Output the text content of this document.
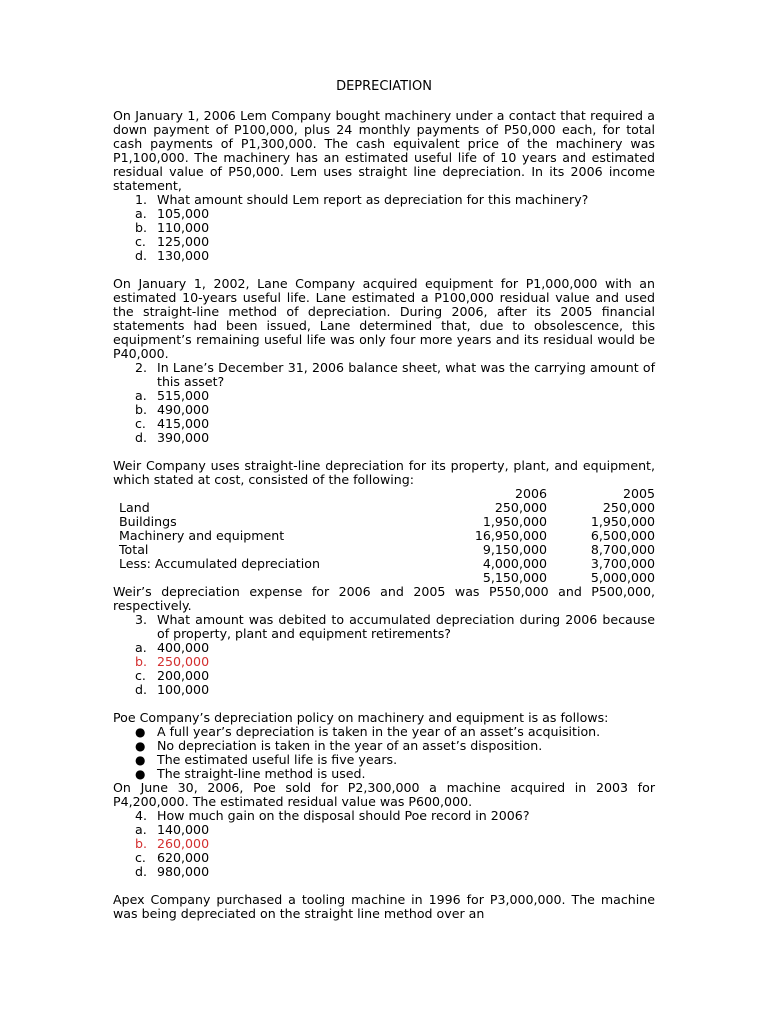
DEPRECIATION

On January 1, 2006 Lem Company bought machinery under a contact that required a down payment of P100,000, plus 24 monthly payments of P50,000 each, for total cash payments of P1,300,000. The cash equivalent price of the machinery was P1,100,000. The machinery has an estimated useful life of 10 years and estimated residual value of P50,000. Lem uses straight line depreciation. In its 2006 income statement,

1. What amount should Lem report as depreciation for this machinery?
a. 105,000
b. 110,000
c. 125,000
d. 130,000

On January 1, 2002, Lane Company acquired equipment for P1,000,000 with an estimated 10-years useful life. Lane estimated a P100,000 residual value and used the straight-line method of depreciation. During 2006, after its 2005 financial statements had been issued, Lane determined that, due to obsolescence, this equipment’s remaining useful life was only four more years and its residual would be P40,000.

2. In Lane’s December 31, 2006 balance sheet, what was the carrying amount of this asset?
a. 515,000
b. 490,000
c. 415,000
d. 390,000

Weir Company uses straight-line depreciation for its property, plant, and equipment, which stated at cost, consisted of the following:

	2006	2005
Land	250,000	250,000
Buildings	1,950,000	1,950,000
Machinery and equipment	16,950,000	6,500,000
Total	9,150,000	8,700,000
Less: Accumulated depreciation	4,000,000	3,700,000
	5,150,000	5,000,000

Weir’s depreciation expense for 2006 and 2005 was P550,000 and P500,000, respectively.

3. What amount was debited to accumulated depreciation during 2006 because of property, plant and equipment retirements?
a. 400,000
b. 250,000
c. 200,000
d. 100,000

Poe Company’s depreciation policy on machinery and equipment is as follows:

● A full year’s depreciation is taken in the year of an asset’s acquisition.
● No depreciation is taken in the year of an asset’s disposition.
● The estimated useful life is five years.
● The straight-line method is used.

On June 30, 2006, Poe sold for P2,300,000 a machine acquired in 2003 for P4,200,000. The estimated residual value was P600,000.

4. How much gain on the disposal should Poe record in 2006?
a. 140,000
b. 260,000
c. 620,000
d. 980,000

Apex Company purchased a tooling machine in 1996 for P3,000,000. The machine was being depreciated on the straight line method over an
